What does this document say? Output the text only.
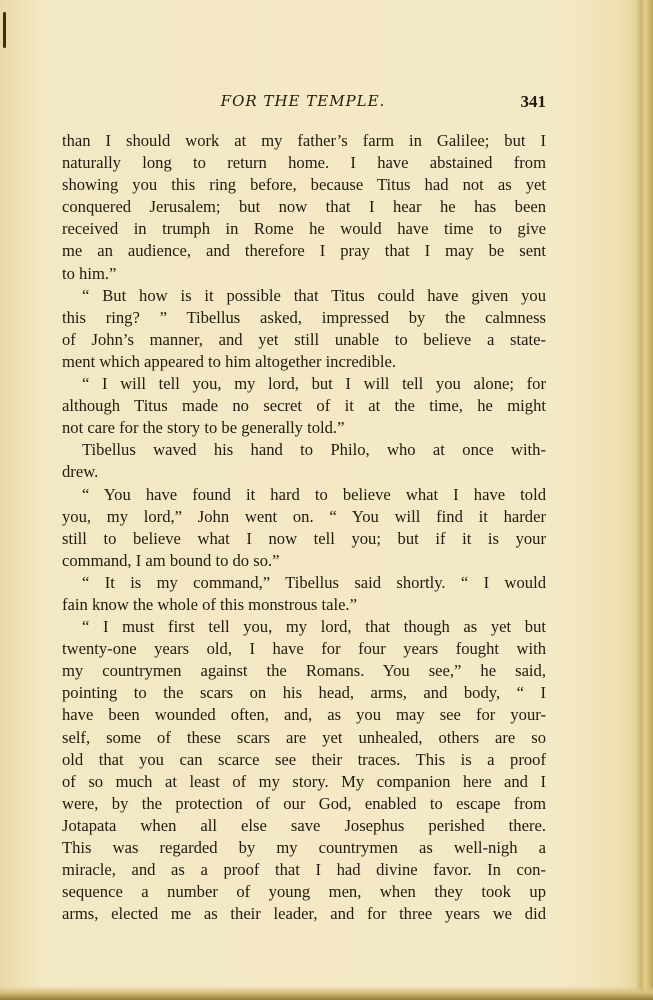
FOR THE TEMPLE.	341
than I should work at my father’s farm in Galilee; but I
naturally long to return home. I have abstained from
showing you this ring before, because Titus had not as yet
conquered Jerusalem; but now that I hear he has been
received in trumph in Rome he would have time to give
me an audience, and therefore I pray that I may be sent
to him.”
“ But how is it possible that Titus could have given you
this ring? ” Tibellus asked, impressed by the calmness
of John’s manner, and yet still unable to believe a state-
ment which appeared to him altogether incredible.
“ I will tell you, my lord, but I will tell you alone; for
although Titus made no secret of it at the time, he might
not care for the story to be generally told.”
Tibellus waved his hand to Philo, who at once with-
drew.
“ You have found it hard to believe what I have told
you, my lord,” John went on. “ You will find it harder
still to believe what I now tell you; but if it is your
command, I am bound to do so.”
“ It is my command,” Tibellus said shortly. “ I would
fain know the whole of this monstrous tale.”
“ I must first tell you, my lord, that though as yet but
twenty-one years old, I have for four years fought with
my countrymen against the Romans. You see,” he said,
pointing to the scars on his head, arms, and body, “ I
have been wounded often, and, as you may see for your-
self, some of these scars are yet unhealed, others are so
old that you can scarce see their traces. This is a proof
of so much at least of my story. My companion here and I
were, by the protection of our God, enabled to escape from
Jotapata when all else save Josephus perished there.
This was regarded by my countrymen as well-nigh a
miracle, and as a proof that I had divine favor. In con-
sequence a number of young men, when they took up
arms, elected me as their leader, and for three years we did
